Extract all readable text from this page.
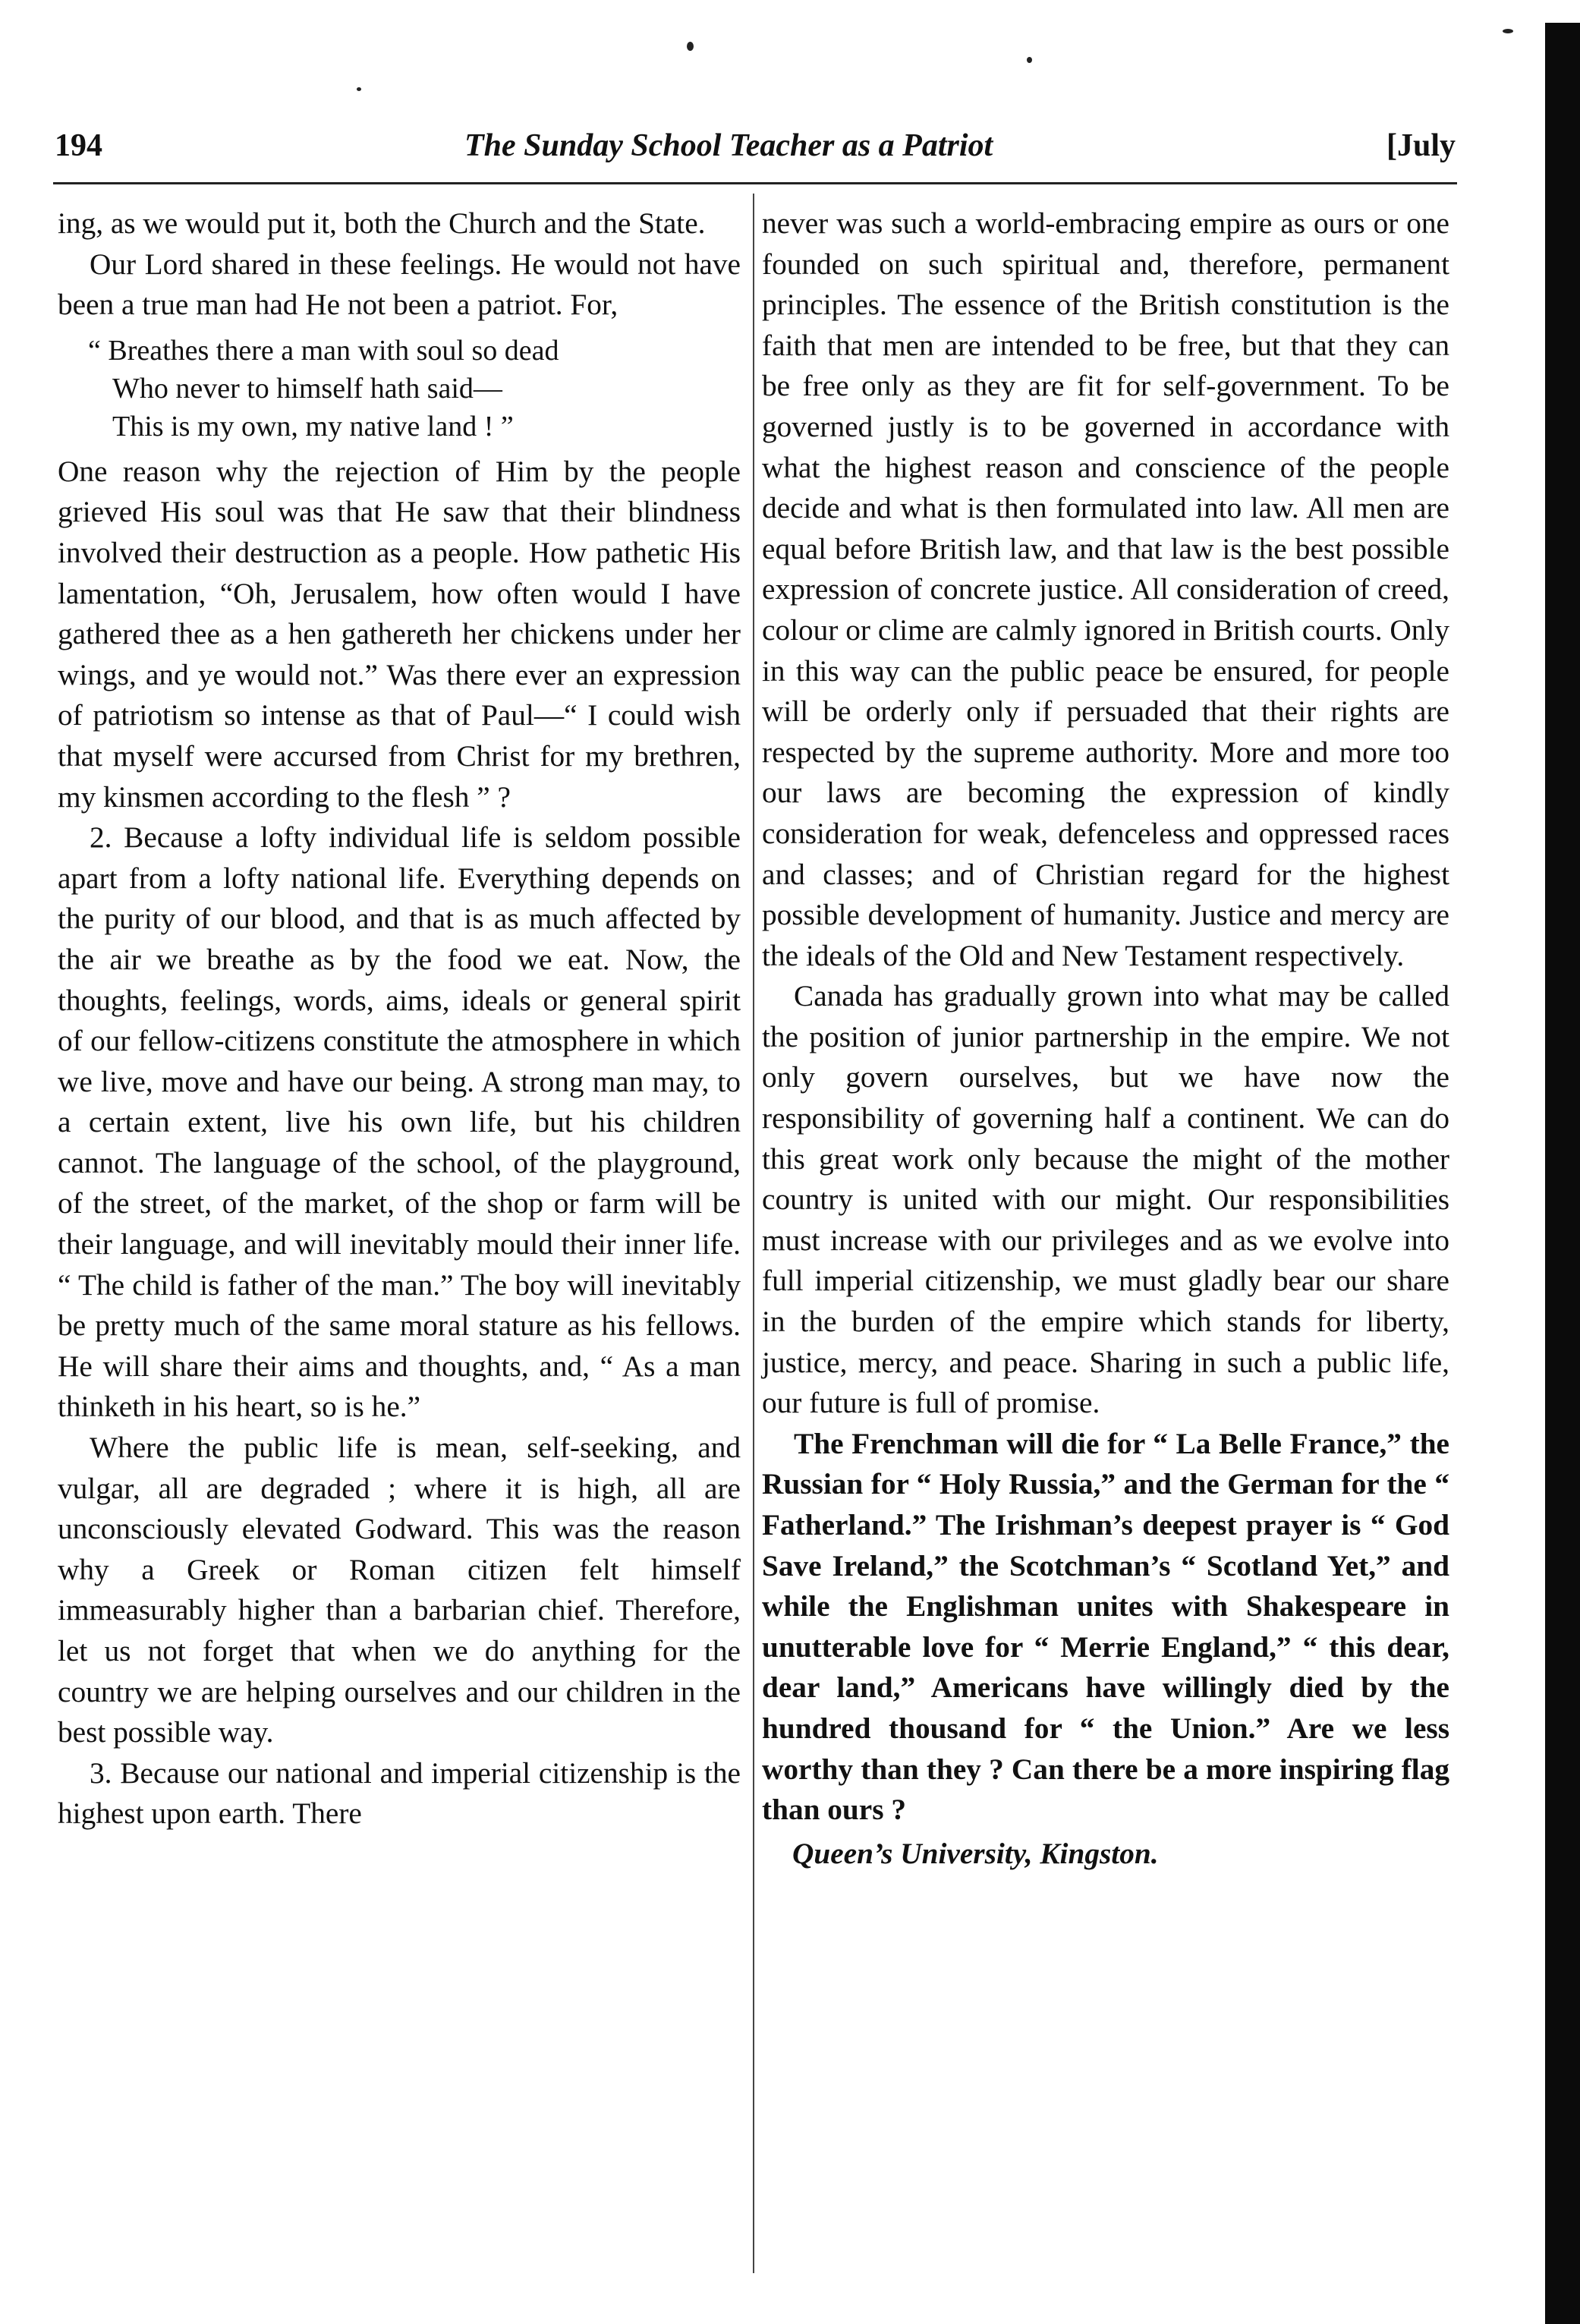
194	The Sunday School Teacher as a Patriot	[July

ing, as we would put it, both the Church and the State.

Our Lord shared in these feelings. He would not have been a true man had He not been a patriot. For,

“ Breathes there a man with soul so dead
Who never to himself hath said—
This is my own, my native land ! ”

One reason why the rejection of Him by the people grieved His soul was that He saw that their blindness involved their destruction as a people. How pathetic His lamentation, “Oh, Jerusalem, how often would I have gathered thee as a hen gathereth her chickens under her wings, and ye would not.” Was there ever an expression of patriotism so intense as that of Paul—“ I could wish that myself were accursed from Christ for my brethren, my kinsmen according to the flesh ” ?

2. Because a lofty individual life is seldom possible apart from a lofty national life. Everything depends on the purity of our blood, and that is as much affected by the air we breathe as by the food we eat. Now, the thoughts, feelings, words, aims, ideals or general spirit of our fellow-citizens constitute the atmosphere in which we live, move and have our being. A strong man may, to a certain extent, live his own life, but his children cannot. The language of the school, of the playground, of the street, of the market, of the shop or farm will be their language, and will inevitably mould their inner life. “ The child is father of the man.” The boy will inevitably be pretty much of the same moral stature as his fellows. He will share their aims and thoughts, and, “ As a man thinketh in his heart, so is he.”

Where the public life is mean, self-seeking, and vulgar, all are degraded ; where it is high, all are unconsciously elevated Godward. This was the reason why a Greek or Roman citizen felt himself immeasurably higher than a barbarian chief. Therefore, let us not forget that when we do anything for the country we are helping ourselves and our children in the best possible way.

3. Because our national and imperial citizenship is the highest upon earth. There

never was such a world-embracing empire as ours or one founded on such spiritual and, therefore, permanent principles. The essence of the British constitution is the faith that men are intended to be free, but that they can be free only as they are fit for self-government. To be governed justly is to be governed in accordance with what the highest reason and conscience of the people decide and what is then formulated into law. All men are equal before British law, and that law is the best possible expression of concrete justice. All consideration of creed, colour or clime are calmly ignored in British courts. Only in this way can the public peace be ensured, for people will be orderly only if persuaded that their rights are respected by the supreme authority. More and more too our laws are becoming the expression of kindly consideration for weak, defenceless and oppressed races and classes; and of Christian regard for the highest possible development of humanity. Justice and mercy are the ideals of the Old and New Testament respectively.

Canada has gradually grown into what may be called the position of junior partnership in the empire. We not only govern ourselves, but we have now the responsibility of governing half a continent. We can do this great work only because the might of the mother country is united with our might. Our responsibilities must increase with our privileges and as we evolve into full imperial citizenship, we must gladly bear our share in the burden of the empire which stands for liberty, justice, mercy, and peace. Sharing in such a public life, our future is full of promise.

The Frenchman will die for “ La Belle France,” the Russian for “ Holy Russia,” and the German for the “ Fatherland.” The Irishman’s deepest prayer is “ God Save Ireland,” the Scotchman’s “ Scotland Yet,” and while the Englishman unites with Shakespeare in unutterable love for “ Merrie England,” “ this dear, dear land,” Americans have willingly died by the hundred thousand for “ the Union.” Are we less worthy than they ? Can there be a more inspiring flag than ours ?

Queen’s University, Kingston.
